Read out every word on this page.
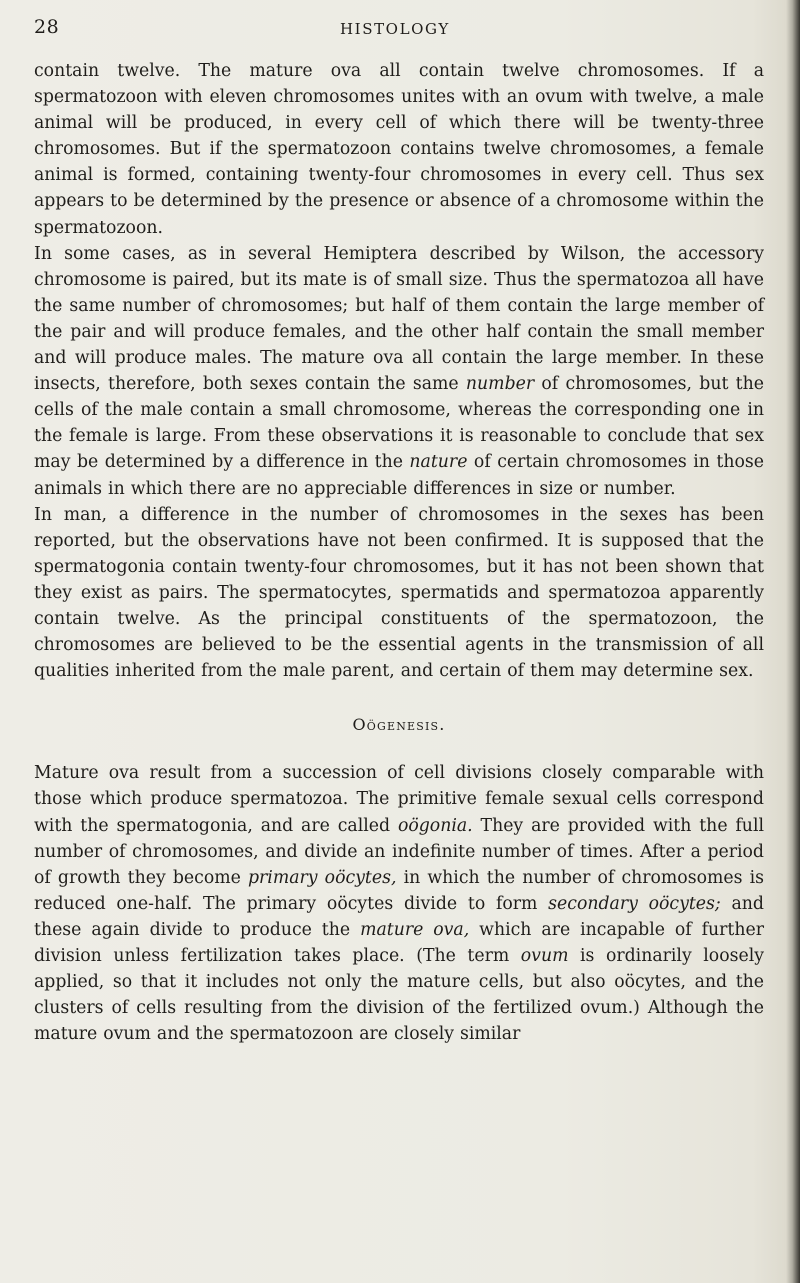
28	HISTOLOGY

contain twelve. The mature ova all contain twelve chromosomes. If a spermatozoon with eleven chromosomes unites with an ovum with twelve, a male animal will be produced, in every cell of which there will be twenty-three chromosomes. But if the spermatozoon contains twelve chromosomes, a female animal is formed, containing twenty-four chromosomes in every cell. Thus sex appears to be determined by the presence or absence of a chromosome within the spermatozoon.

In some cases, as in several Hemiptera described by Wilson, the accessory chromosome is paired, but its mate is of small size. Thus the spermatozoa all have the same number of chromosomes; but half of them contain the large member of the pair and will produce females, and the other half contain the small member and will produce males. The mature ova all contain the large member. In these insects, therefore, both sexes contain the same number of chromosomes, but the cells of the male contain a small chromosome, whereas the corresponding one in the female is large. From these observations it is reasonable to conclude that sex may be determined by a difference in the nature of certain chromosomes in those animals in which there are no appreciable differences in size or number.

In man, a difference in the number of chromosomes in the sexes has been reported, but the observations have not been confirmed. It is supposed that the spermatogonia contain twenty-four chromosomes, but it has not been shown that they exist as pairs. The spermatocytes, spermatids and spermatozoa apparently contain twelve. As the principal constituents of the spermatozoon, the chromosomes are believed to be the essential agents in the transmission of all qualities inherited from the male parent, and certain of them may determine sex.

Oögenesis.

Mature ova result from a succession of cell divisions closely comparable with those which produce spermatozoa. The primitive female sexual cells correspond with the spermatogonia, and are called oögonia. They are provided with the full number of chromosomes, and divide an indefinite number of times. After a period of growth they become primary oöcytes, in which the number of chromosomes is reduced one-half. The primary oöcytes divide to form secondary oöcytes; and these again divide to produce the mature ova, which are incapable of further division unless fertilization takes place. (The term ovum is ordinarily loosely applied, so that it includes not only the mature cells, but also oöcytes, and the clusters of cells resulting from the division of the fertilized ovum.) Although the mature ovum and the spermatozoon are closely similar
